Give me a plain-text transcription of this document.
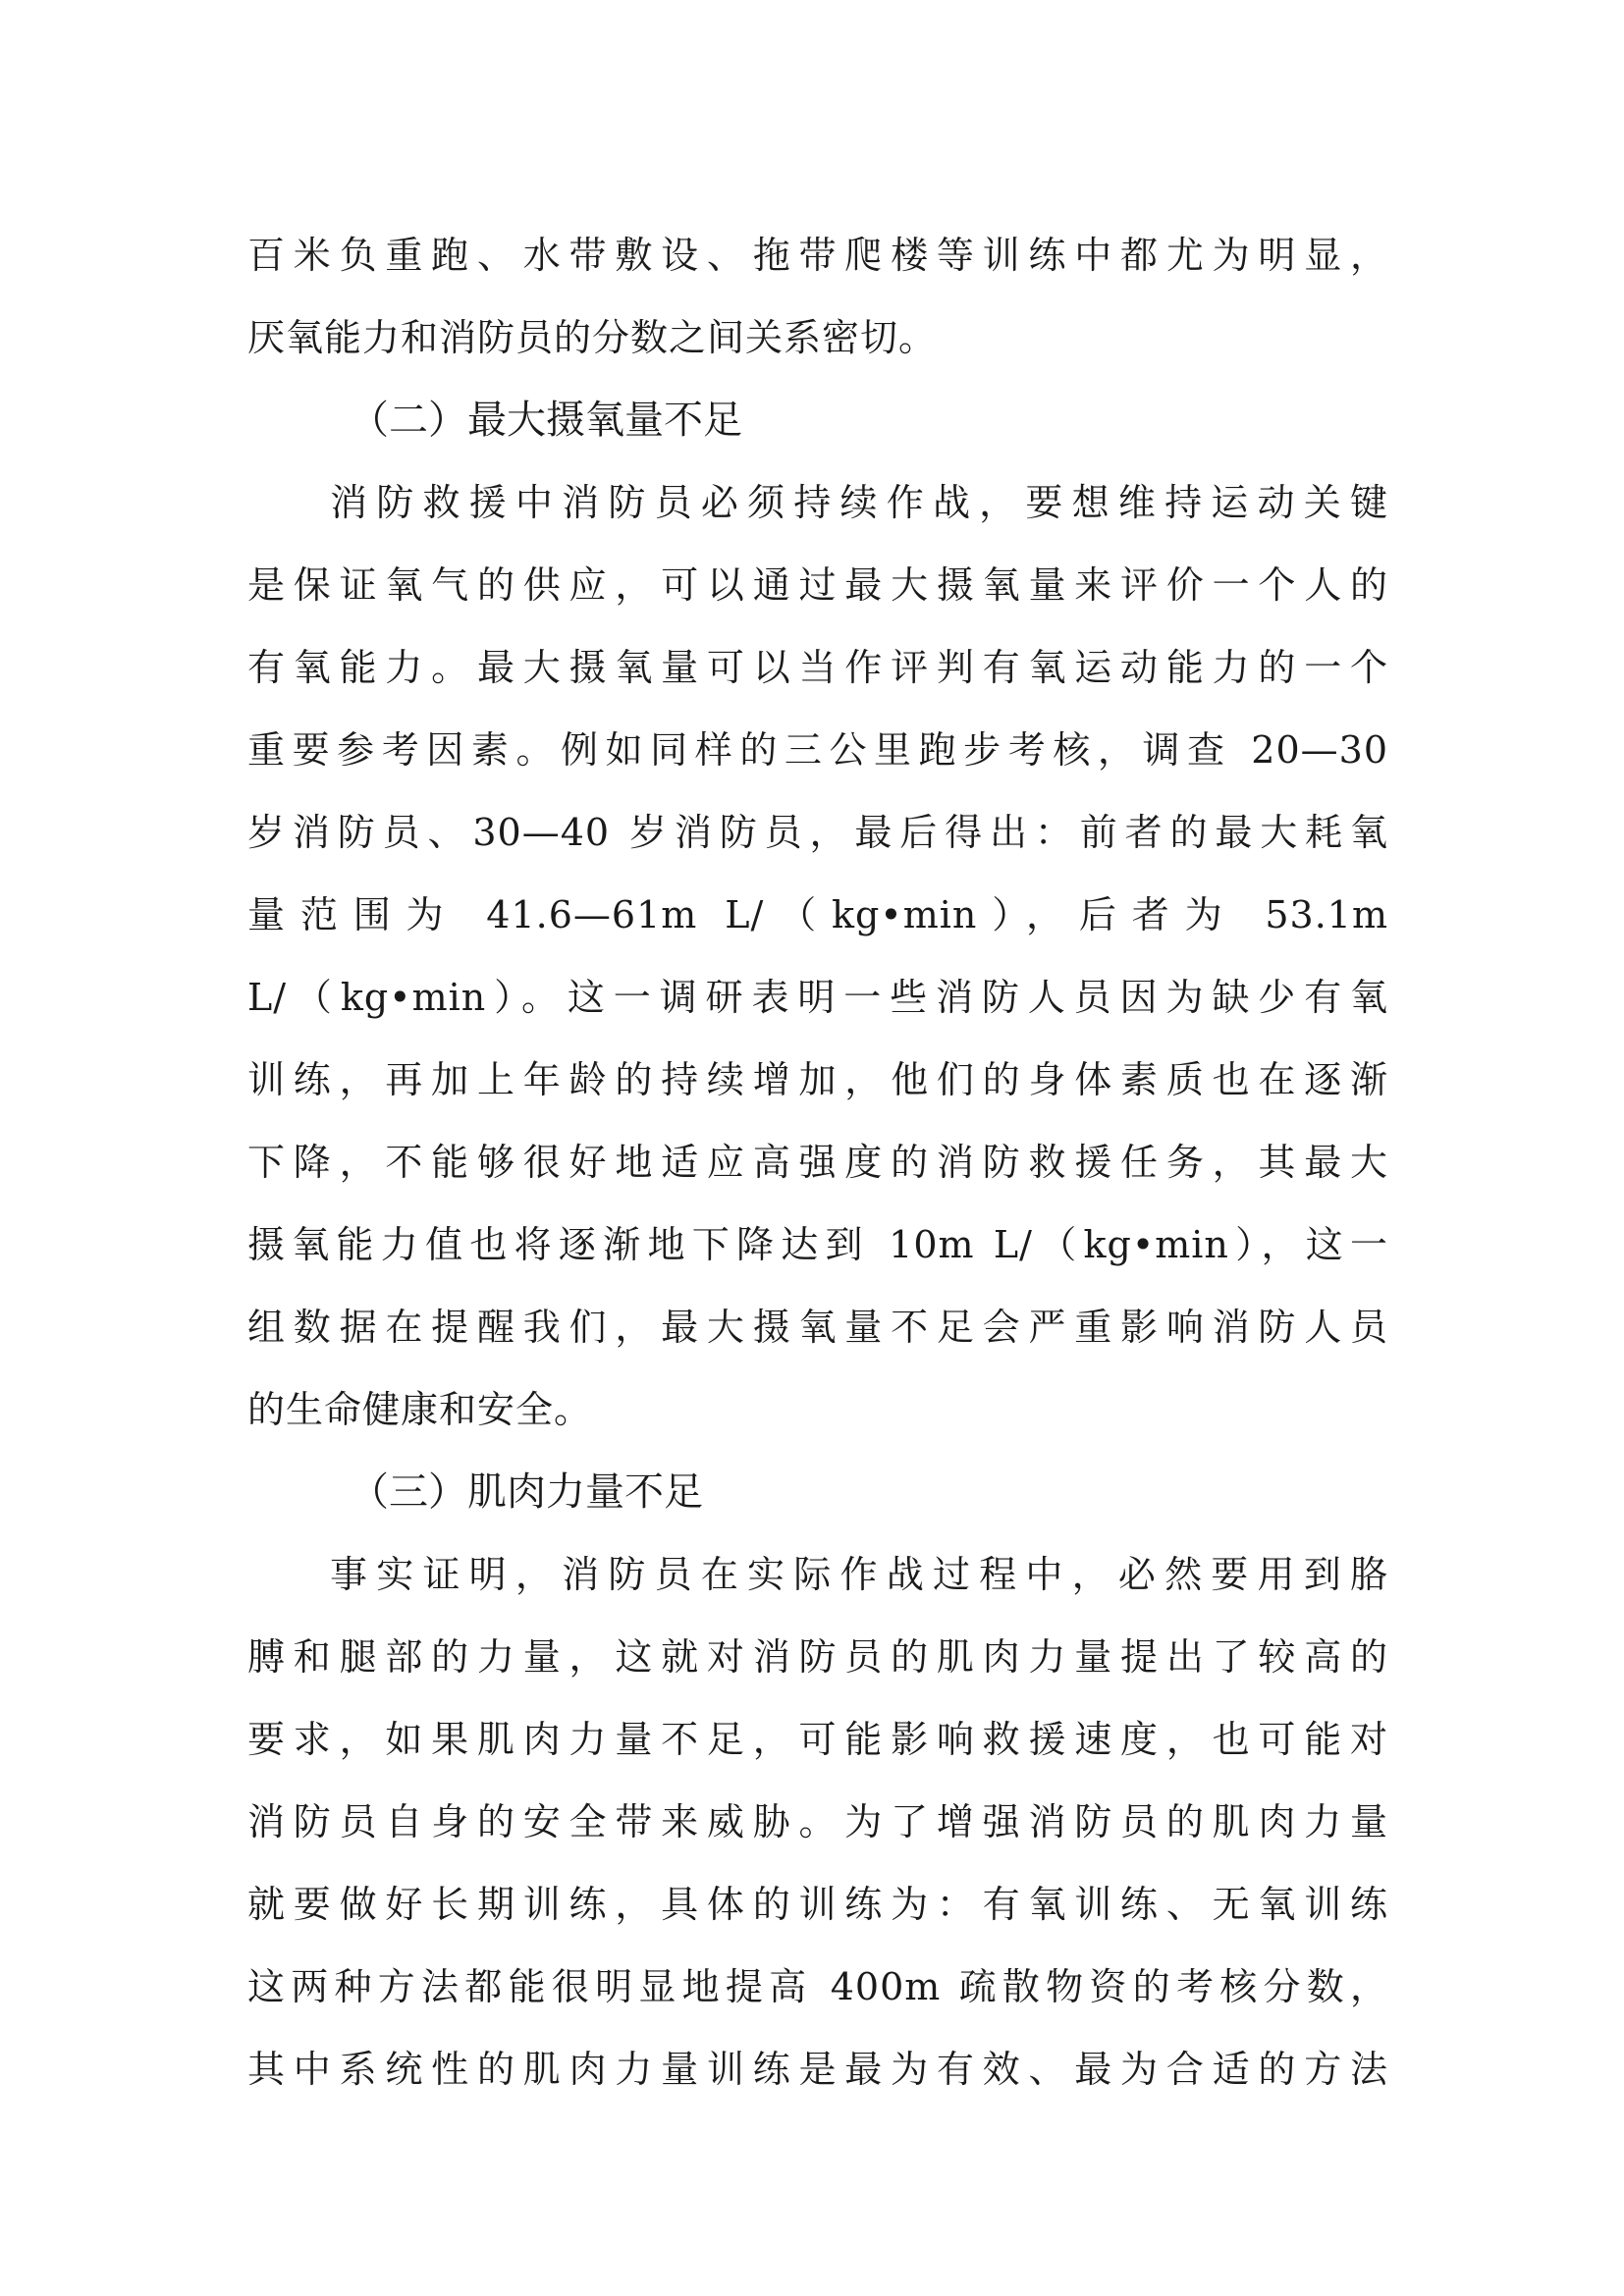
百米负重跑、水带敷设、拖带爬楼等训练中都尤为明显，
厌氧能力和消防员的分数之间关系密切。
（二）最大摄氧量不足
消防救援中消防员必须持续作战，要想维持运动关键
是保证氧气的供应，可以通过最大摄氧量来评价一个人的
有氧能力。最大摄氧量可以当作评判有氧运动能力的一个
重要参考因素。例如同样的三公里跑步考核，调查 20—30
岁消防员、30—40 岁消防员，最后得出：前者的最大耗氧
量范围为 41.6—61m L/（kg•min），后者为 53.1m
L/（kg•min）。这一调研表明一些消防人员因为缺少有氧
训练，再加上年龄的持续增加，他们的身体素质也在逐渐
下降，不能够很好地适应高强度的消防救援任务，其最大
摄氧能力值也将逐渐地下降达到 10m L/（kg•min），这一
组数据在提醒我们，最大摄氧量不足会严重影响消防人员
的生命健康和安全。
（三）肌肉力量不足
事实证明，消防员在实际作战过程中，必然要用到胳
膊和腿部的力量，这就对消防员的肌肉力量提出了较高的
要求，如果肌肉力量不足，可能影响救援速度，也可能对
消防员自身的安全带来威胁。为了增强消防员的肌肉力量
就要做好长期训练，具体的训练为：有氧训练、无氧训练
这两种方法都能很明显地提高 400m 疏散物资的考核分数，
其中系统性的肌肉力量训练是最为有效、最为合适的方法
